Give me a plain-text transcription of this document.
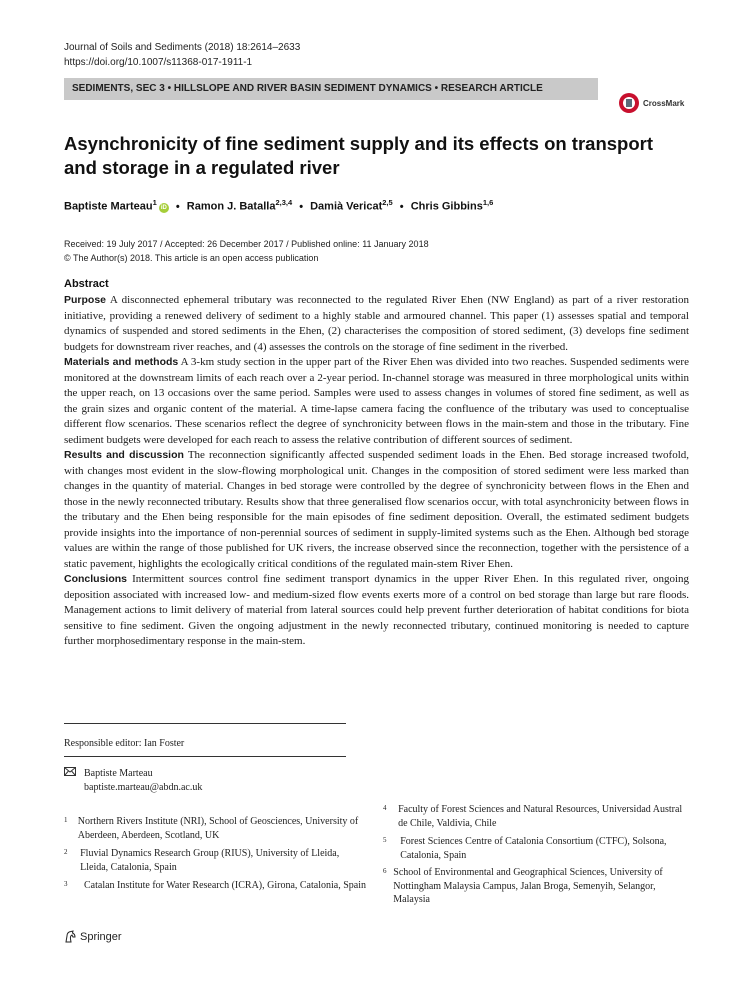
Journal of Soils and Sediments (2018) 18:2614–2633
https://doi.org/10.1007/s11368-017-1911-1
SEDIMENTS, SEC 3 • HILLSLOPE AND RIVER BASIN SEDIMENT DYNAMICS • RESEARCH ARTICLE
CrossMark
Asynchronicity of fine sediment supply and its effects on transport and storage in a regulated river
Baptiste Marteau$^1$iD • Ramon J. Batalla$^{2,3,4}$ • Damià Vericat$^{2,5}$ • Chris Gibbins$^{1,6}$
Received: 19 July 2017 / Accepted: 26 December 2017 / Published online: 11 January 2018
© The Author(s) 2018. This article is an open access publication
Abstract

Purpose A disconnected ephemeral tributary was reconnected to the regulated River Ehen (NW England) as part of a river restoration initiative, providing a renewed delivery of sediment to a highly stable and armoured channel. This paper (1) assesses spatial and temporal dynamics of suspended and stored sediments in the Ehen, (2) characterises the composition of stored sediment, (3) develops fine sediment budgets for downstream river reaches, and (4) assesses the controls on the storage of fine sediment in the riverbed.

Materials and methods A 3-km study section in the upper part of the River Ehen was divided into two reaches. Suspended sediments were monitored at the downstream limits of each reach over a 2-year period. In-channel storage was measured in three morphological units within the upper reach, on 13 occasions over the same period. Samples were used to assess changes in volumes of stored fine sediment, as well as the grain sizes and organic content of the material. A time-lapse camera facing the confluence of the tributary was used to conceptualise different flow scenarios. These scenarios reflect the degree of synchronicity between flows in the main-stem and those in the tributary. Fine sediment budgets were developed for each reach to assess the relative contribution of different sources of sediment.

Results and discussion The reconnection significantly affected suspended sediment loads in the Ehen. Bed storage increased twofold, with changes most evident in the slow-flowing morphological unit. Changes in the composition of stored sediment were less marked than changes in the quantity of material. Changes in bed storage were controlled by the degree of synchronicity between flows in the Ehen and those in the newly reconnected tributary. Results show that three generalised flow scenarios occur, with total asynchronicity between flows in the tributary and the Ehen being responsible for the main episodes of fine sediment deposition. Overall, the estimated sediment budgets provide insights into the importance of non-perennial sources of sediment in supply-limited systems such as the Ehen. Although bed storage values are within the range of those published for UK rivers, the increase observed since the reconnection, together with the persistence of a static pavement, highlights the ecologically critical conditions of the regulated main-stem River Ehen.

Conclusions Intermittent sources control fine sediment transport dynamics in the upper River Ehen. In this regulated river, ongoing deposition associated with increased low- and medium-sized flow events exerts more of a control on bed storage than large but rare floods. Management actions to limit delivery of material from lateral sources could help prevent further deterioration of habitat conditions for biota sensitive to fine sediment. Given the ongoing adjustment in the newly reconnected tributary, continued monitoring is needed to capture further morphosedimentary response in the main-stem.

Responsible editor: Ian Foster
Baptiste Marteau
baptiste.marteau@abdn.ac.uk
1	Northern Rivers Institute (NRI), School of Geosciences, University of Aberdeen, Aberdeen, Scotland, UK
2	Fluvial Dynamics Research Group (RIUS), University of Lleida, Lleida, Catalonia, Spain
3	Catalan Institute for Water Research (ICRA), Girona, Catalonia, Spain
4	Faculty of Forest Sciences and Natural Resources, Universidad Austral de Chile, Valdivia, Chile
5	Forest Sciences Centre of Catalonia Consortium (CTFC), Solsona, Catalonia, Spain
6 School of Environmental and Geographical Sciences, University of Nottingham Malaysia Campus, Jalan Broga, Semenyih, Selangor, Malaysia
Springer
